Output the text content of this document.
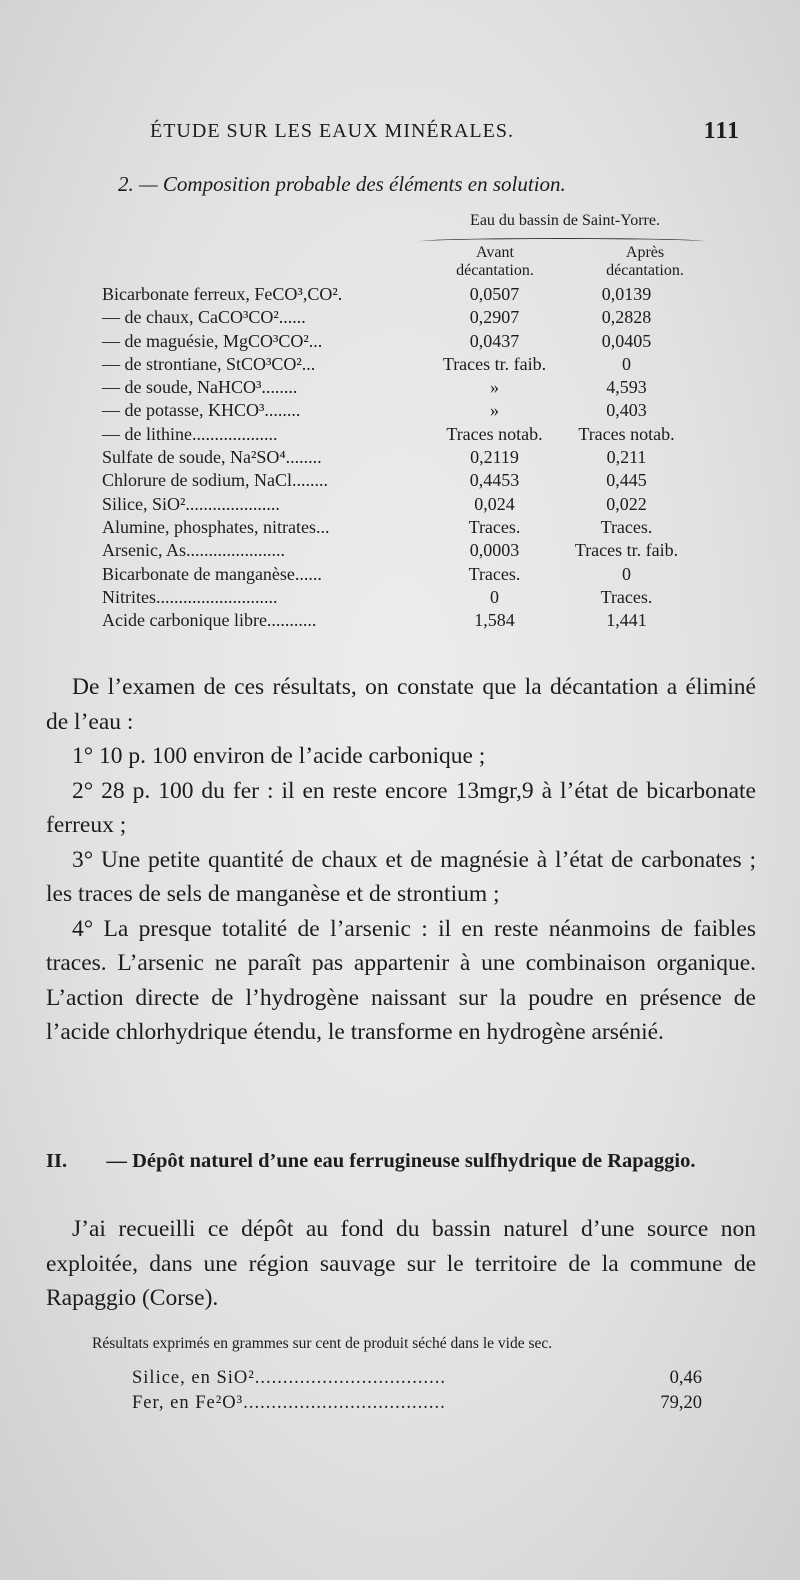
ÉTUDE SUR LES EAUX MINÉRALES.	111
2. — Composition probable des éléments en solution.
Eau du bassin de Saint-Yorre.
Avant
décantation.
Après
décantation.
Bicarbonate ferreux, FeCO³,CO².	0,0507	0,0139
— de chaux, CaCO³CO²......	0,2907	0,2828
— de maguésie, MgCO³CO²...	0,0437	0,0405
— de strontiane, StCO³CO²...	Traces tr. faib.	0
— de soude, NaHCO³........	»	4,593
— de potasse, KHCO³........	»	0,403
— de lithine...................	Traces notab.	Traces notab.
Sulfate de soude, Na²SO⁴........	0,2119	0,211
Chlorure de sodium, NaCl........	0,4453	0,445
Silice, SiO².....................	0,024	0,022
Alumine, phosphates, nitrates...	Traces.	Traces.
Arsenic, As......................	0,0003	Traces tr. faib.
Bicarbonate de manganèse......	Traces.	0
Nitrites...........................	0	Traces.
Acide carbonique libre...........	1,584	1,441

De l’examen de ces résultats, on constate que la décantation a éliminé de l’eau :

1° 10 p. 100 environ de l’acide carbonique ;

2° 28 p. 100 du fer : il en reste encore 13mgr,9 à l’état de bicarbonate ferreux ;

3° Une petite quantité de chaux et de magnésie à l’état de carbonates ; les traces de sels de manganèse et de strontium ;

4° La presque totalité de l’arsenic : il en reste néanmoins de faibles traces. L’arsenic ne paraît pas appartenir à une combinaison organique. L’action directe de l’hydrogène naissant sur la poudre en présence de l’acide chlorhydrique étendu, le transforme en hydrogène arsénié.

II. — Dépôt naturel d’une eau ferrugineuse sulfhydrique de Rapaggio.

J’ai recueilli ce dépôt au fond du bassin naturel d’une source non exploitée, dans une région sauvage sur le territoire de la commune de Rapaggio (Corse).

Résultats exprimés en grammes sur cent de produit séché dans le vide sec.
Silice, en SiO²..................................	0,46
Fer, en Fe²O³....................................	79,20
